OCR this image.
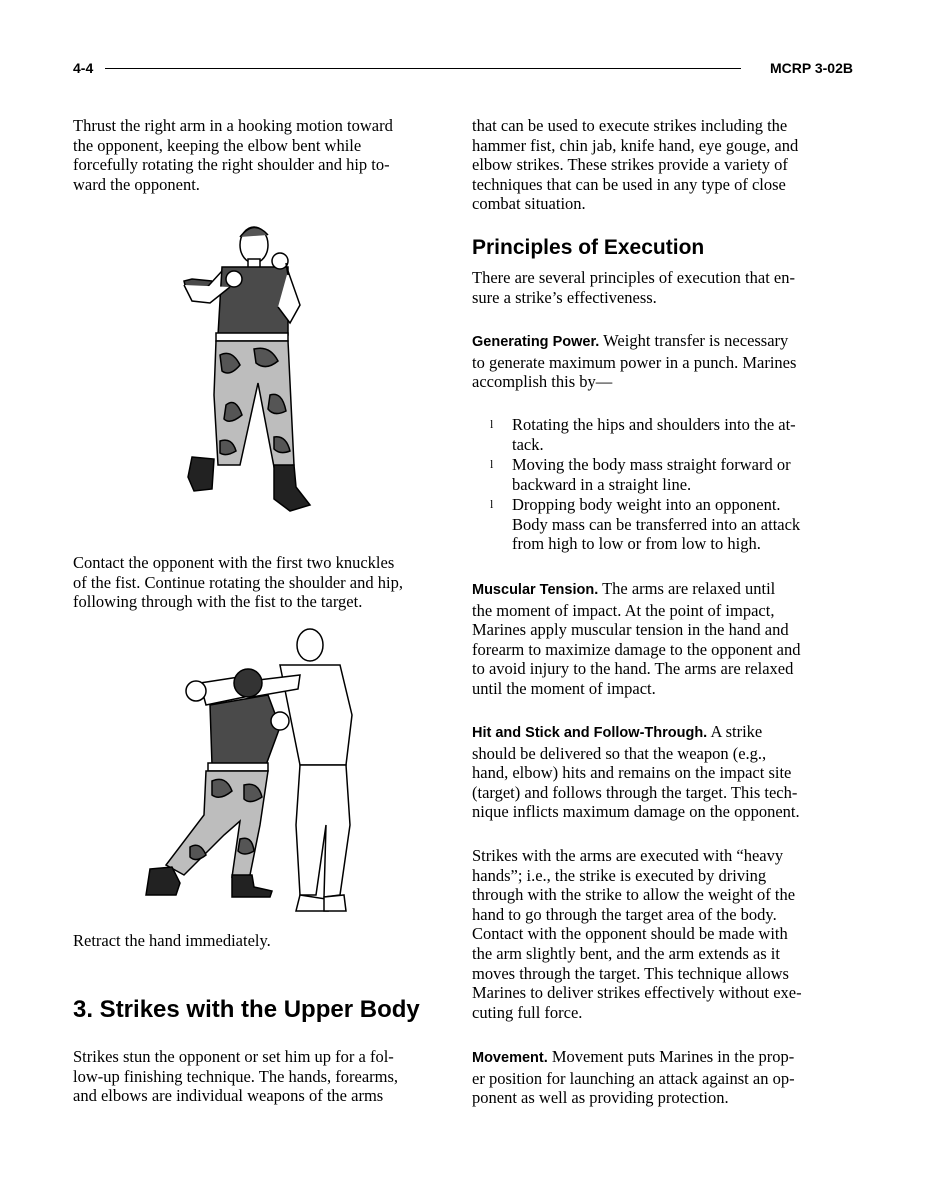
4-4	MCRP 3-02B
Thrust the right arm in a hooking motion toward
the opponent, keeping the elbow bent while
forcefully rotating the right shoulder and hip to-
ward the opponent.
Contact the opponent with the first two knuckles
of the fist. Continue rotating the shoulder and hip,
following through with the fist to the target.
Retract the hand immediately.
3. Strikes with the Upper Body
Strikes stun the opponent or set him up for a fol-
low-up finishing technique. The hands, forearms,
and elbows are individual weapons of the arms
that can be used to execute strikes including the
hammer fist, chin jab, knife hand, eye gouge, and
elbow strikes. These strikes provide a variety of
techniques that can be used in any type of close
combat situation.
Principles of Execution
There are several principles of execution that en-
sure a strike’s effectiveness.
Generating Power. Weight transfer is necessary
to generate maximum power in a punch. Marines
accomplish this by—
l Rotating the hips and shoulders into the at-
tack.
l Moving the body mass straight forward or
backward in a straight line.
l Dropping body weight into an opponent.
Body mass can be transferred into an attack
from high to low or from low to high.
Muscular Tension. The arms are relaxed until
the moment of impact. At the point of impact,
Marines apply muscular tension in the hand and
forearm to maximize damage to the opponent and
to avoid injury to the hand. The arms are relaxed
until the moment of impact.
Hit and Stick and Follow-Through. A strike
should be delivered so that the weapon (e.g.,
hand, elbow) hits and remains on the impact site
(target) and follows through the target. This tech-
nique inflicts maximum damage on the opponent.
Strikes with the arms are executed with “heavy
hands”; i.e., the strike is executed by driving
through with the strike to allow the weight of the
hand to go through the target area of the body.
Contact with the opponent should be made with
the arm slightly bent, and the arm extends as it
moves through the target. This technique allows
Marines to deliver strikes effectively without exe-
cuting full force.
Movement. Movement puts Marines in the prop-
er position for launching an attack against an op-
ponent as well as providing protection.
